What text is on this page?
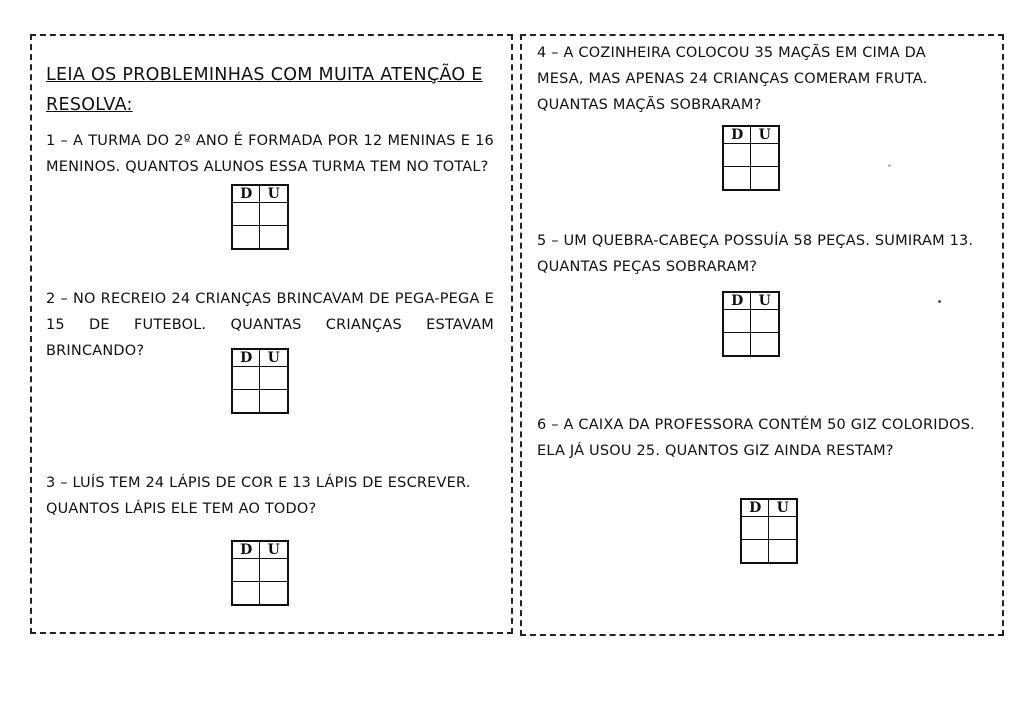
LEIA OS PROBLEMINHAS COM MUITA ATENÇÃO E RESOLVA:

1 – A TURMA DO 2º ANO É FORMADA POR 12 MENINAS E 16 MENINOS. QUANTOS ALUNOS ESSA TURMA TEM NO TOTAL?

D	U

2 – NO RECREIO 24 CRIANÇAS BRINCAVAM DE PEGA-PEGA E 15 DE FUTEBOL. QUANTAS CRIANÇAS ESTAVAM BRINCANDO?	D	U

3 – LUÍS TEM 24 LÁPIS DE COR E 13 LÁPIS DE ESCREVER. QUANTOS LÁPIS ELE TEM AO TODO?

D	U

4 – A COZINHEIRA COLOCOU 35 MAÇÃS EM CIMA DA MESA, MAS APENAS 24 CRIANÇAS COMERAM FRUTA. QUANTAS MAÇÃS SOBRARAM?

D	U

5 – UM QUEBRA-CABEÇA POSSUÍA 58 PEÇAS. SUMIRAM 13. QUANTAS PEÇAS SOBRARAM?

D	U

6 – A CAIXA DA PROFESSORA CONTÉM 50 GIZ COLORIDOS. ELA JÁ USOU 25. QUANTOS GIZ AINDA RESTAM?

D	U
